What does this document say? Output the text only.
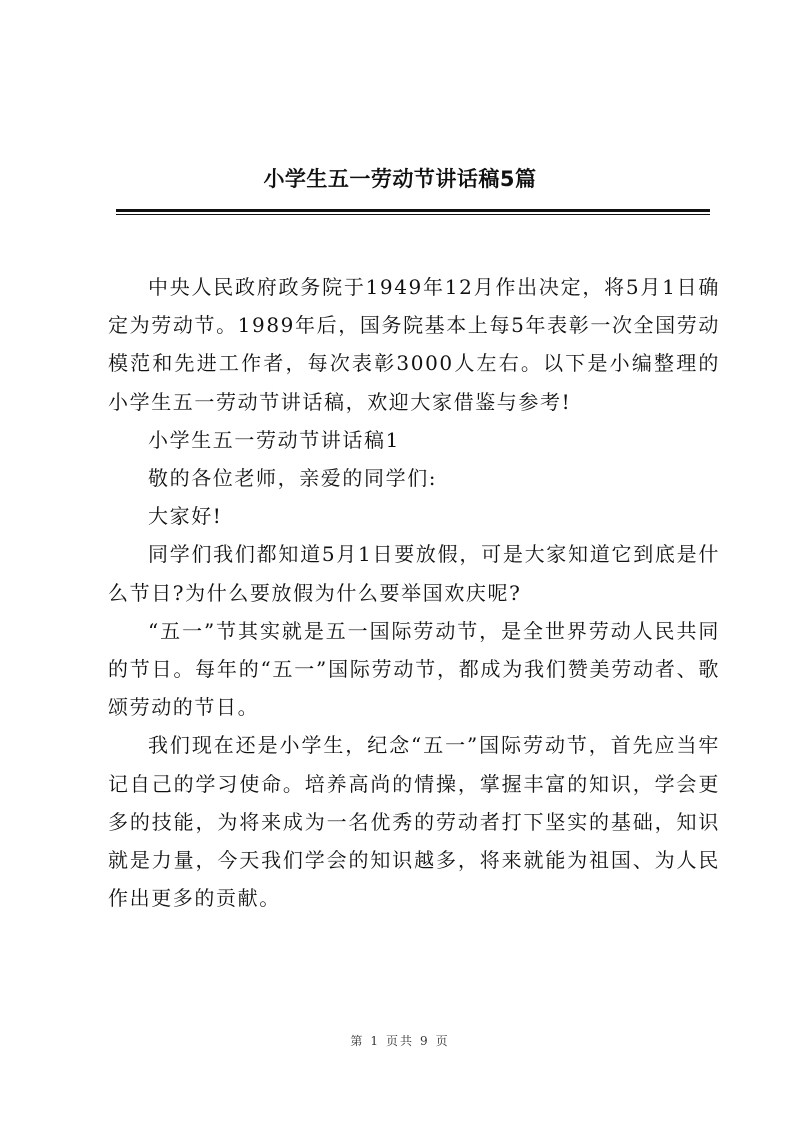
小学生五一劳动节讲话稿5篇

中央人民政府政务院于1949年12月作出决定，将5月1日确定为劳动节。1989年后，国务院基本上每5年表彰一次全国劳动模范和先进工作者，每次表彰3000人左右。以下是小编整理的小学生五一劳动节讲话稿，欢迎大家借鉴与参考!

小学生五一劳动节讲话稿1

敬的各位老师，亲爱的同学们:

大家好!

同学们我们都知道5月1日要放假，可是大家知道它到底是什么节日?为什么要放假为什么要举国欢庆呢?

“五一”节其实就是五一国际劳动节，是全世界劳动人民共同的节日。每年的“五一”国际劳动节，都成为我们赞美劳动者、歌颂劳动的节日。

我们现在还是小学生，纪念“五一”国际劳动节，首先应当牢记自己的学习使命。培养高尚的情操，掌握丰富的知识，学会更多的技能，为将来成为一名优秀的劳动者打下坚实的基础，知识就是力量，今天我们学会的知识越多，将来就能为祖国、为人民作出更多的贡献。

第 1 页共 9 页
